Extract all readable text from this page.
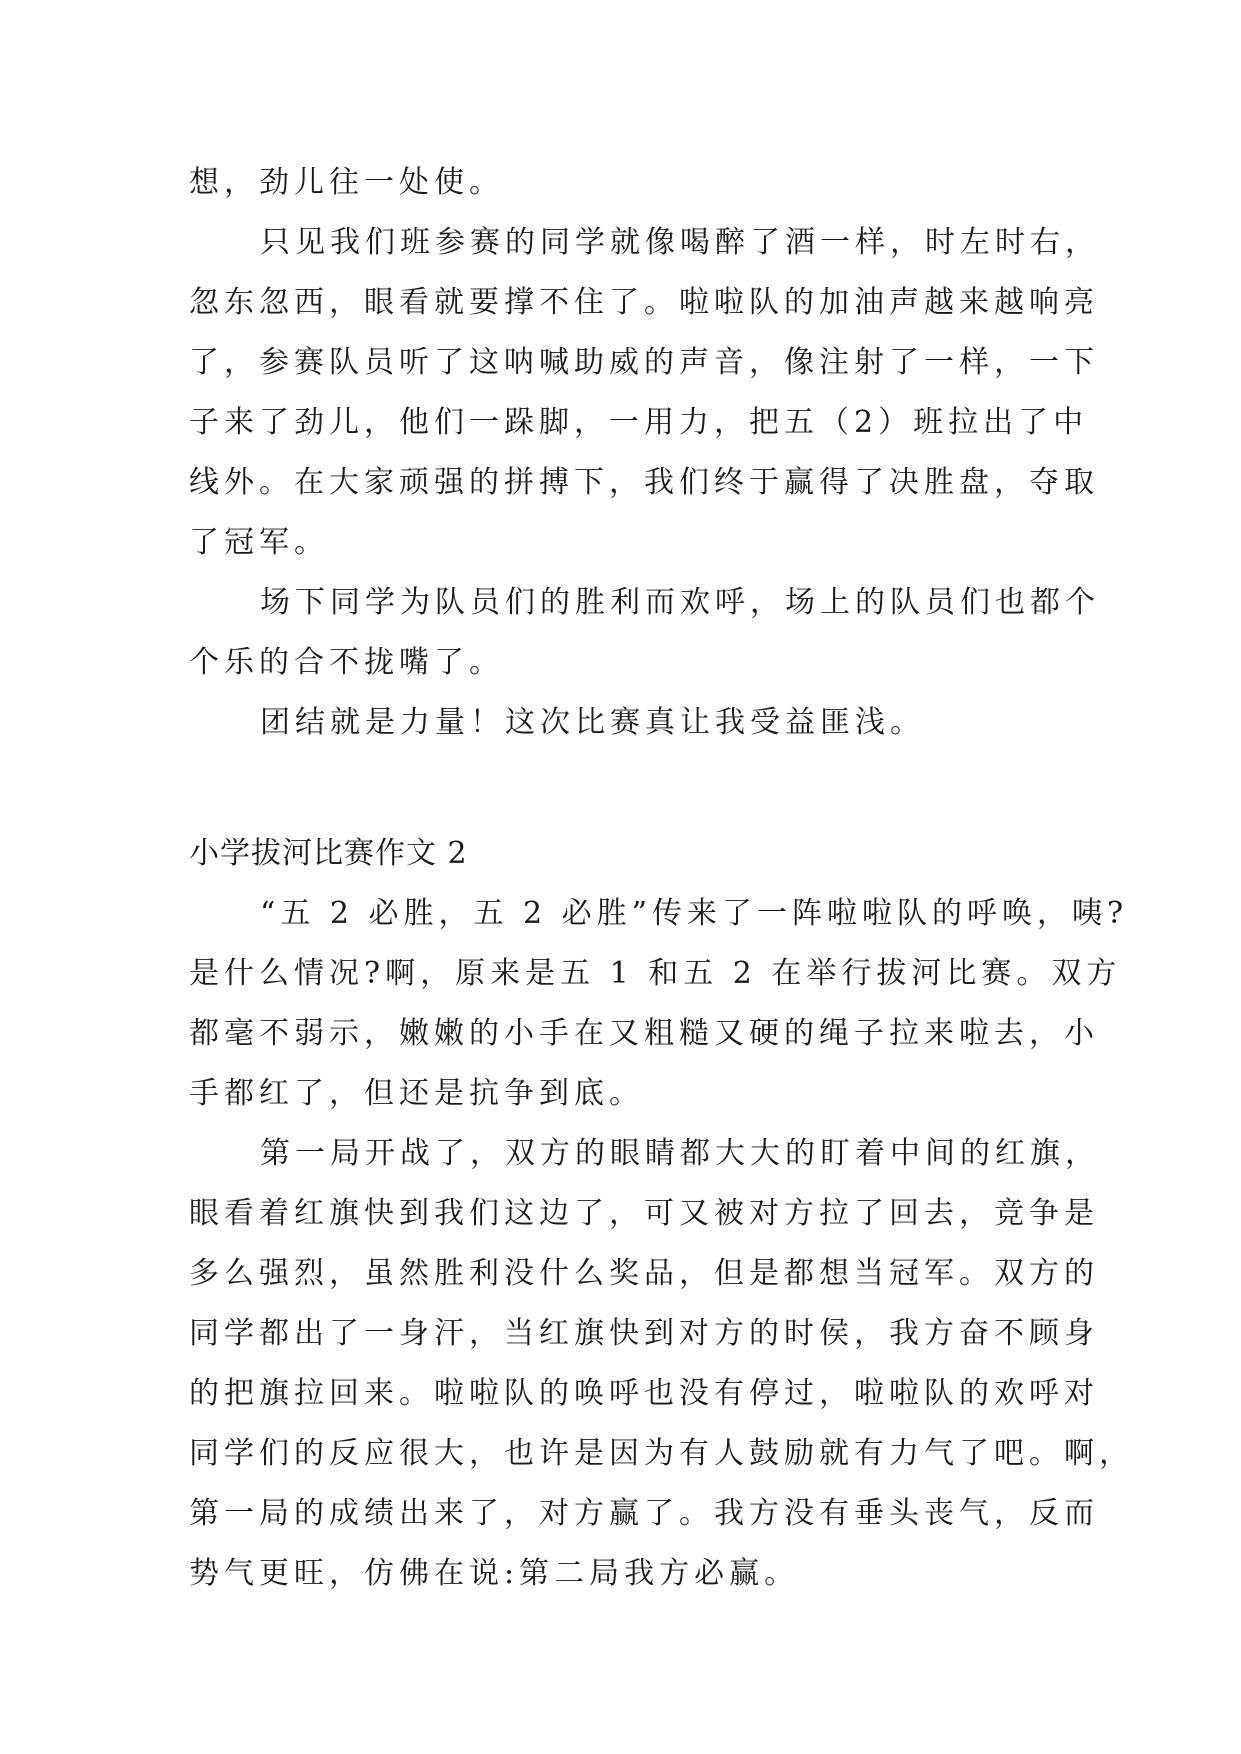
想，劲儿往一处使。
只见我们班参赛的同学就像喝醉了酒一样，时左时右，
忽东忽西，眼看就要撑不住了。啦啦队的加油声越来越响亮
了，参赛队员听了这呐喊助威的声音，像注射了一样，一下
子来了劲儿，他们一跺脚，一用力，把五（2）班拉出了中
线外。在大家顽强的拼搏下，我们终于赢得了决胜盘，夺取
了冠军。
场下同学为队员们的胜利而欢呼，场上的队员们也都个
个乐的合不拢嘴了。
团结就是力量！这次比赛真让我受益匪浅。
小学拔河比赛作文 2
“五 2 必胜，五 2 必胜”传来了一阵啦啦队的呼唤，咦?
是什么情况?啊，原来是五 1 和五 2 在举行拔河比赛。双方
都毫不弱示，嫩嫩的小手在又粗糙又硬的绳子拉来啦去，小
手都红了，但还是抗争到底。
第一局开战了，双方的眼睛都大大的盯着中间的红旗，
眼看着红旗快到我们这边了，可又被对方拉了回去，竞争是
多么强烈，虽然胜利没什么奖品，但是都想当冠军。双方的
同学都出了一身汗，当红旗快到对方的时侯，我方奋不顾身
的把旗拉回来。啦啦队的唤呼也没有停过，啦啦队的欢呼对
同学们的反应很大，也许是因为有人鼓励就有力气了吧。啊，
第一局的成绩出来了，对方赢了。我方没有垂头丧气，反而
势气更旺，仿佛在说:第二局我方必赢。
